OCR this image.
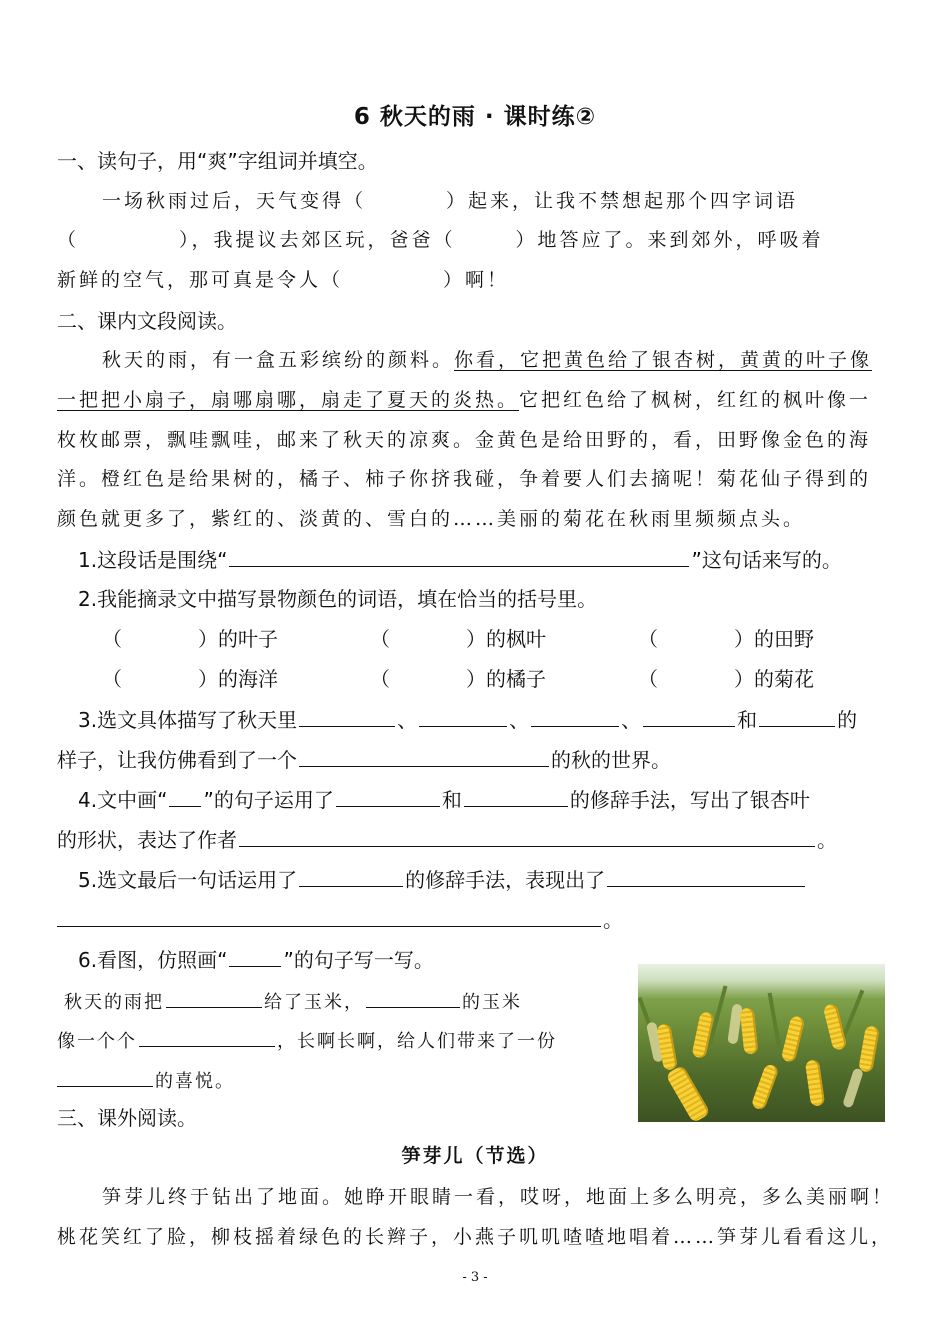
6 秋天的雨 · 课时练②
一、读句子，用“爽”字组词并填空。
一场秋雨过后，天气变得（	）起来，让我不禁想起那个四字词语
（	），我提议去郊区玩，爸爸（	）地答应了。来到郊外，呼吸着
新鲜的空气，那可真是令人（	）啊！
二、课内文段阅读。
秋天的雨，有一盒五彩缤纷的颜料。你看，它把黄色给了银杏树，黄黄的叶子像
一把把小扇子，扇哪扇哪，扇走了夏天的炎热。它把红色给了枫树，红红的枫叶像一
枚枚邮票，飘哇飘哇，邮来了秋天的凉爽。金黄色是给田野的，看，田野像金色的海
洋。橙红色是给果树的，橘子、柿子你挤我碰，争着要人们去摘呢！菊花仙子得到的
颜色就更多了，紫红的、淡黄的、雪白的……美丽的菊花在秋雨里频频点头。
1.这段话是围绕“	”这句话来写的。
2.我能摘录文中描写景物颜色的词语，填在恰当的括号里。
（	）的叶子	（	）的枫叶	（	）的田野
（	）的海洋	（	）的橘子	（	）的菊花
3.选文具体描写了秋天里	、	、	、	和	的
样子，让我仿佛看到了一个	的秋的世界。
4.文中画“ ”的句子运用了	和	的修辞手法，写出了银杏叶
的形状，表达了作者	。
5.选文最后一句话运用了	的修辞手法，表现出了
。
6.看图，仿照画“	”的句子写一写。
秋天的雨把	给了玉米，	的玉米
像一个个	，长啊长啊，给人们带来了一份
的喜悦。
三、课外阅读。
笋芽儿（节选）
笋芽儿终于钻出了地面。她睁开眼睛一看，哎呀，地面上多么明亮，多么美丽啊！
桃花笑红了脸，柳枝摇着绿色的长辫子，小燕子叽叽喳喳地唱着……笋芽儿看看这儿，
- 3 -
